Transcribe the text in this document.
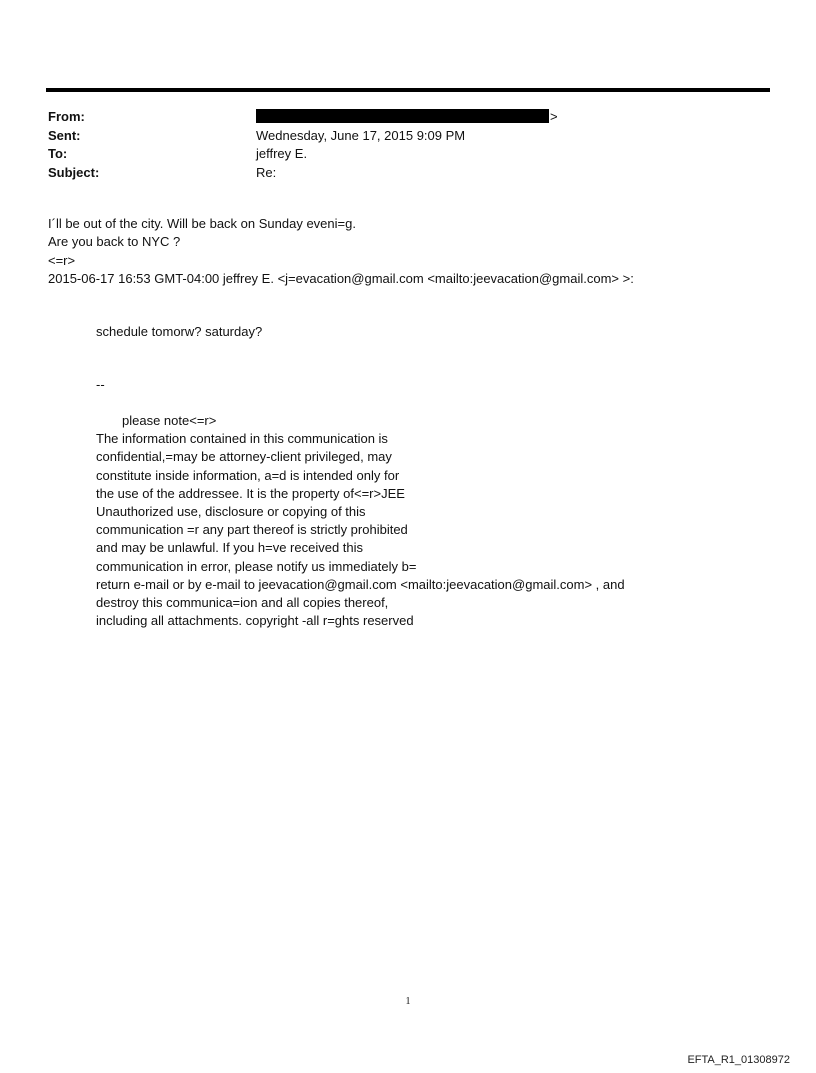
From:	>
Sent:	Wednesday, June 17, 2015 9:09 PM
To:	jeffrey E.
Subject:	Re:
I´ll be out of the city. Will be back on Sunday eveni=g.
Are you back to NYC ?
<=r>
2015-06-17 16:53 GMT-04:00 jeffrey E. <j=evacation@gmail.com <mailto:jeevacation@gmail.com> >:
schedule tomorw? saturday?
--
please note<=r>
The information contained in this communication is
confidential,=may be attorney-client privileged, may
constitute inside information, a=d is intended only for
the use of the addressee. It is the property of<=r>JEE
Unauthorized use, disclosure or copying of this
communication =r any part thereof is strictly prohibited
and may be unlawful. If you h=ve received this
communication in error, please notify us immediately b=
return e-mail or by e-mail to jeevacation@gmail.com <mailto:jeevacation@gmail.com> , and
destroy this communica=ion and all copies thereof,
including all attachments. copyright -all r=ghts reserved
1
EFTA_R1_01308972
